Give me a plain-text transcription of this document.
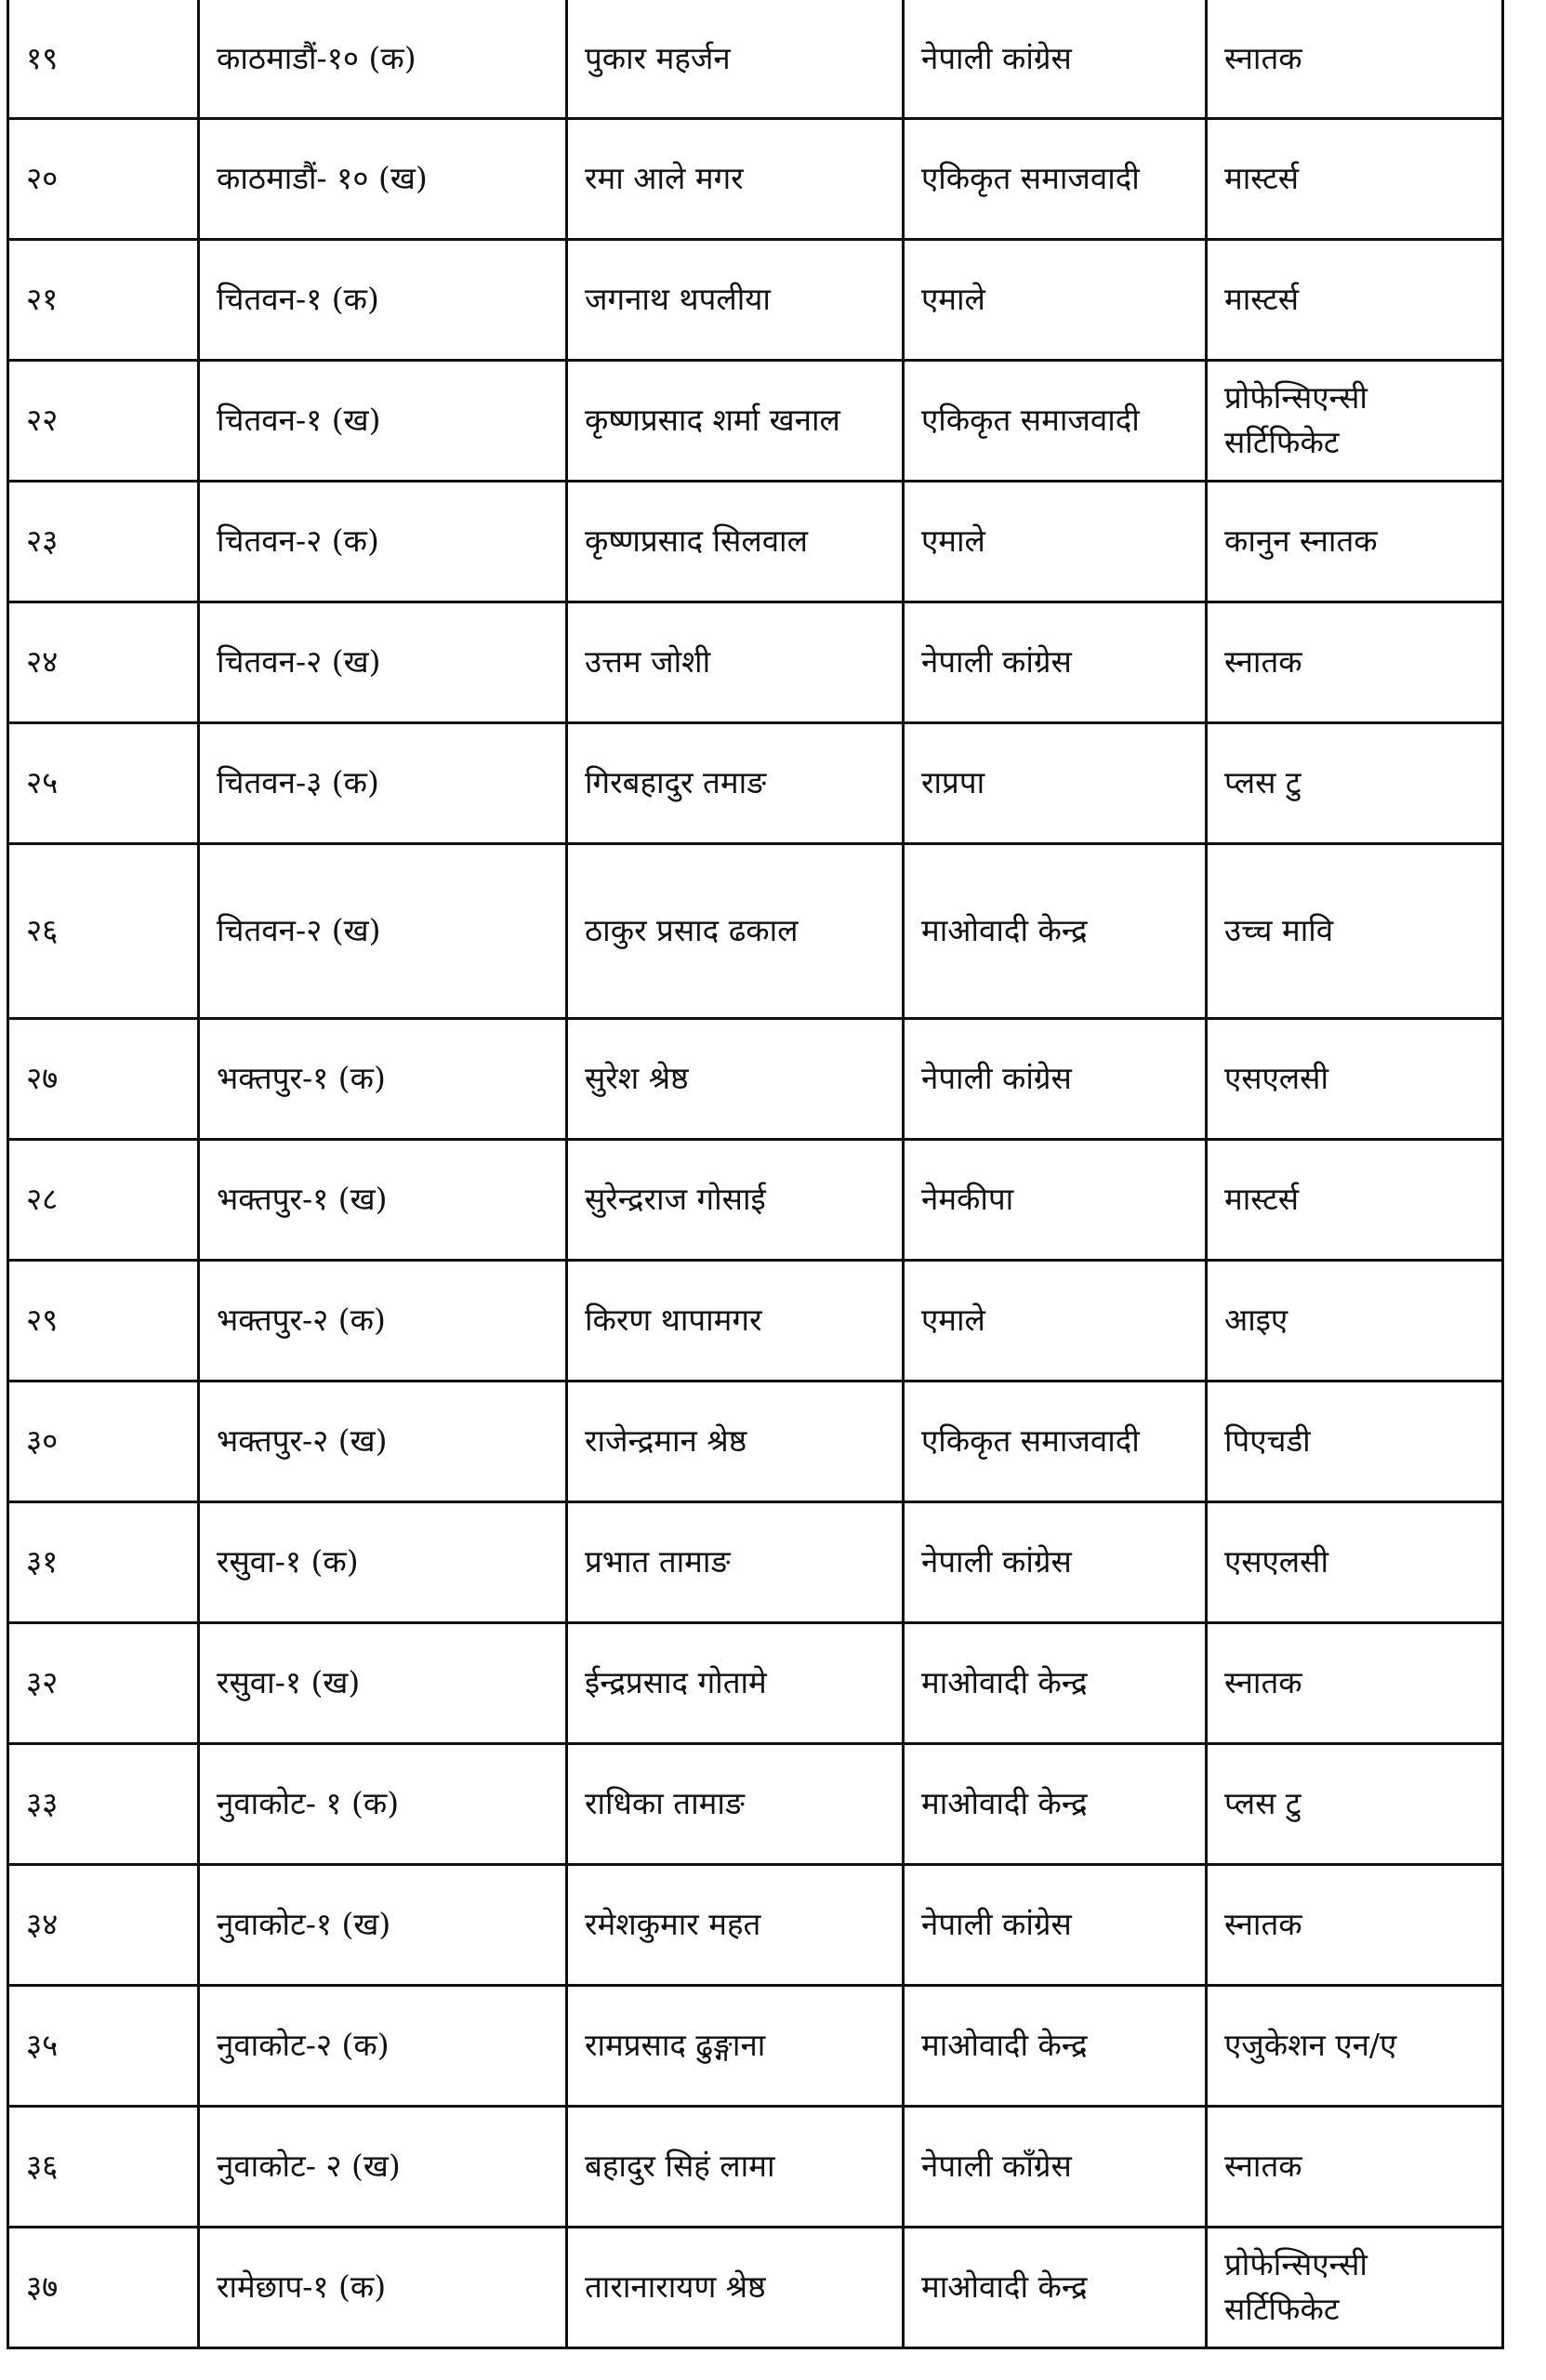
१९	काठमाडौं-१० (क)	पुकार महर्जन	नेपाली कांग्रेस	स्नातक
२०	काठमाडौं- १० (ख)	रमा आले मगर	एकिकृत समाजवादी	मास्टर्स
२१	चितवन-१ (क)	जगनाथ थपलीया	एमाले	मास्टर्स
२२	चितवन-१ (ख)	कृष्णप्रसाद शर्मा खनाल	एकिकृत समाजवादी	प्रोफेन्सिएन्सी सर्टिफिकेट
२३	चितवन-२ (क)	कृष्णप्रसाद सिलवाल	एमाले	कानुन स्नातक
२४	चितवन-२ (ख)	उत्तम जोशी	नेपाली कांग्रेस	स्नातक
२५	चितवन-३ (क)	गिरबहादुर तमाङ	राप्रपा	प्लस टु
२६	चितवन-२ (ख)	ठाकुर प्रसाद ढकाल	माओवादी केन्द्र	उच्च मावि
२७	भक्तपुर-१ (क)	सुरेश श्रेष्ठ	नेपाली कांग्रेस	एसएलसी
२८	भक्तपुर-१ (ख)	सुरेन्द्रराज गोसाई	नेमकीपा	मास्टर्स
२९	भक्तपुर-२ (क)	किरण थापामगर	एमाले	आइए
३०	भक्तपुर-२ (ख)	राजेन्द्रमान श्रेष्ठ	एकिकृत समाजवादी	पिएचडी
३१	रसुवा-१ (क)	प्रभात तामाङ	नेपाली कांग्रेस	एसएलसी
३२	रसुवा-१ (ख)	ईन्द्रप्रसाद गोतामे	माओवादी केन्द्र	स्नातक
३३	नुवाकोट- १ (क)	राधिका तामाङ	माओवादी केन्द्र	प्लस टु
३४	नुवाकोट-१ (ख)	रमेशकुमार महत	नेपाली कांग्रेस	स्नातक
३५	नुवाकोट-२ (क)	रामप्रसाद ढुङ्गाना	माओवादी केन्द्र	एजुकेशन एन/ए
३६	नुवाकोट- २ (ख)	बहादुर सिहं लामा	नेपाली काँग्रेस	स्नातक
३७	रामेछाप-१ (क)	तारानारायण श्रेष्ठ	माओवादी केन्द्र	प्रोफेन्सिएन्सी सर्टिफिकेट
